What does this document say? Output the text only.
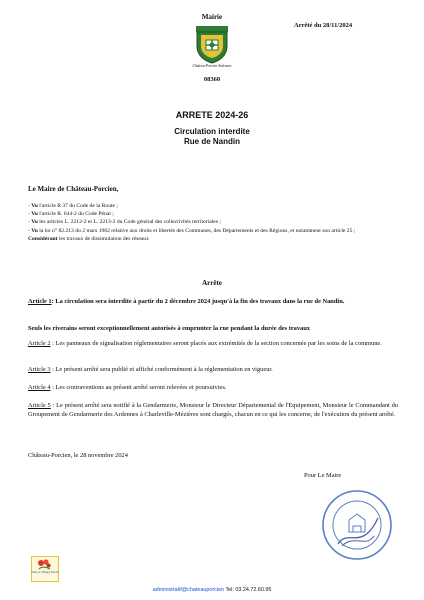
Mairie
Arrêté du 28/11/2024
Château-Porcien Ardennes
08360
ARRETE 2024-26
Circulation interdite
Rue de Nandin
Le Maire de Château-Porcien,

- Vu l'article R 37 du Code de la Route ;

- Vu l'article R. 644-2 du Code Pénal ;

- Vu les articles L. 2212-2 et L. 2213-2 du Code général des collectivités territoriales ;

- Vu la loi n° 82.213 du 2 mars 1982 relative aux droits et libertés des Communes, des Départements et des Régions, et notamment son article 25 ;

Considérant les travaux de dissimulation des réseaux

Arrête
Article 1: La circulation sera interdite à partir du 2 décembre 2024 jusqu'à la fin des travaux dans la rue de Nandin.
Seuls les riverains seront exceptionnellement autorisés à emprunter la rue pendant la durée des travaux
Article 2 : Les panneaux de signalisation réglementaires seront placés aux extrémités de la section concernée par les soins de la commune.
Article 3 : Le présent arrêté sera publié et affiché conformément à la réglementation en vigueur.
Article 4 : Les contraventions au présent arrêté seront relevées et poursuivies.
Article 5 : Le présent arrêté sera notifié à la Gendarmerie, Monsieur le Directeur Départemental de l'Equipement, Monsieur le Commandant du Groupement de Gendarmerie des Ardennes à Charleville-Mézières sont chargés, chacun en ce qui les concerne, de l'exécution du présent arrêté.
Château-Porcien, le 28 novembre 2024
Pour Le Maire
Villes et Villages Fleuris
administratif@chateauporcien Tel: 03.24.72.60.95
